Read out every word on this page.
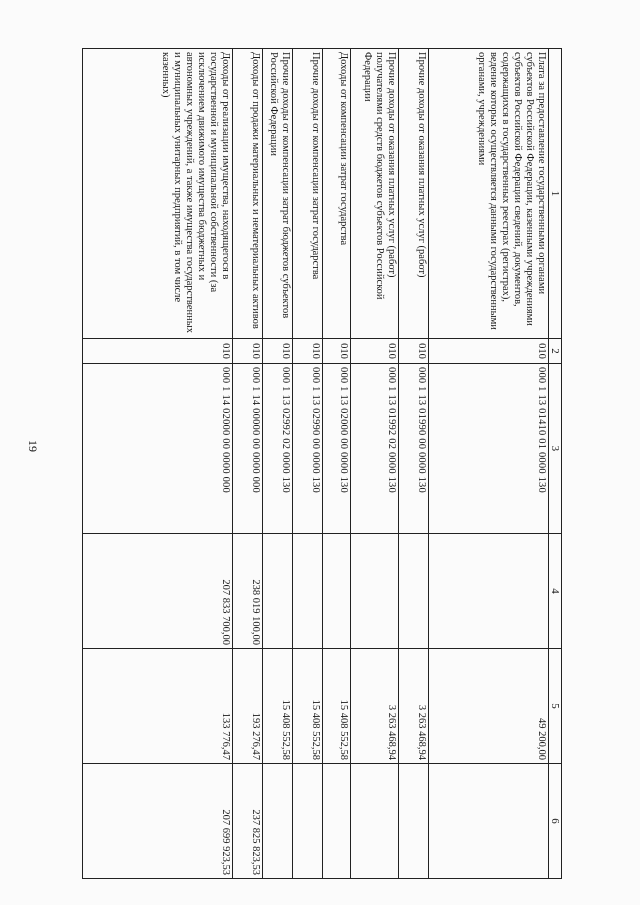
19
1	2	3	4	5	6
Плата за предоставление государственными органами субъектов Российской Федерации, казенными учреждениями субъектов Российской Федерации сведений, документов, содержащихся в государственных реестрах (регистрах), ведение которых осуществляется данными государственными органами, учреждениями	010	000 1 13 01410 01 0000 130		49 200,00	
Прочие доходы от оказания платных услуг (работ)	010	000 1 13 01990 00 0000 130		3 263 468,94	
Прочие доходы от оказания платных услуг (работ) получателями средств бюджетов субъектов Российской Федерации	010	000 1 13 01992 02 0000 130		3 263 468,94	
Доходы от компенсации затрат государства	010	000 1 13 02000 00 0000 130		15 408 552,58	
Прочие доходы от компенсации затрат государства	010	000 1 13 02990 00 0000 130		15 408 552,58	
Прочие доходы от компенсации затрат бюджетов субъектов Российской Федерации	010	000 1 13 02992 02 0000 130		15 408 552,58	
Доходы от продажи материальных и нематериальных активов	010	000 1 14 00000 00 0000 000	238 019 100,00	193 276,47	237 825 823,53
Доходы от реализации имущества, находящегося в государственной и муниципальной собственности (за исключением движимого имущества бюджетных и автономных учреждений, а также имущества государственных и муниципальных унитарных предприятий, в том числе казенных)	010	000 1 14 02000 00 0000 000	207 833 700,00	133 776,47	207 699 923,53
